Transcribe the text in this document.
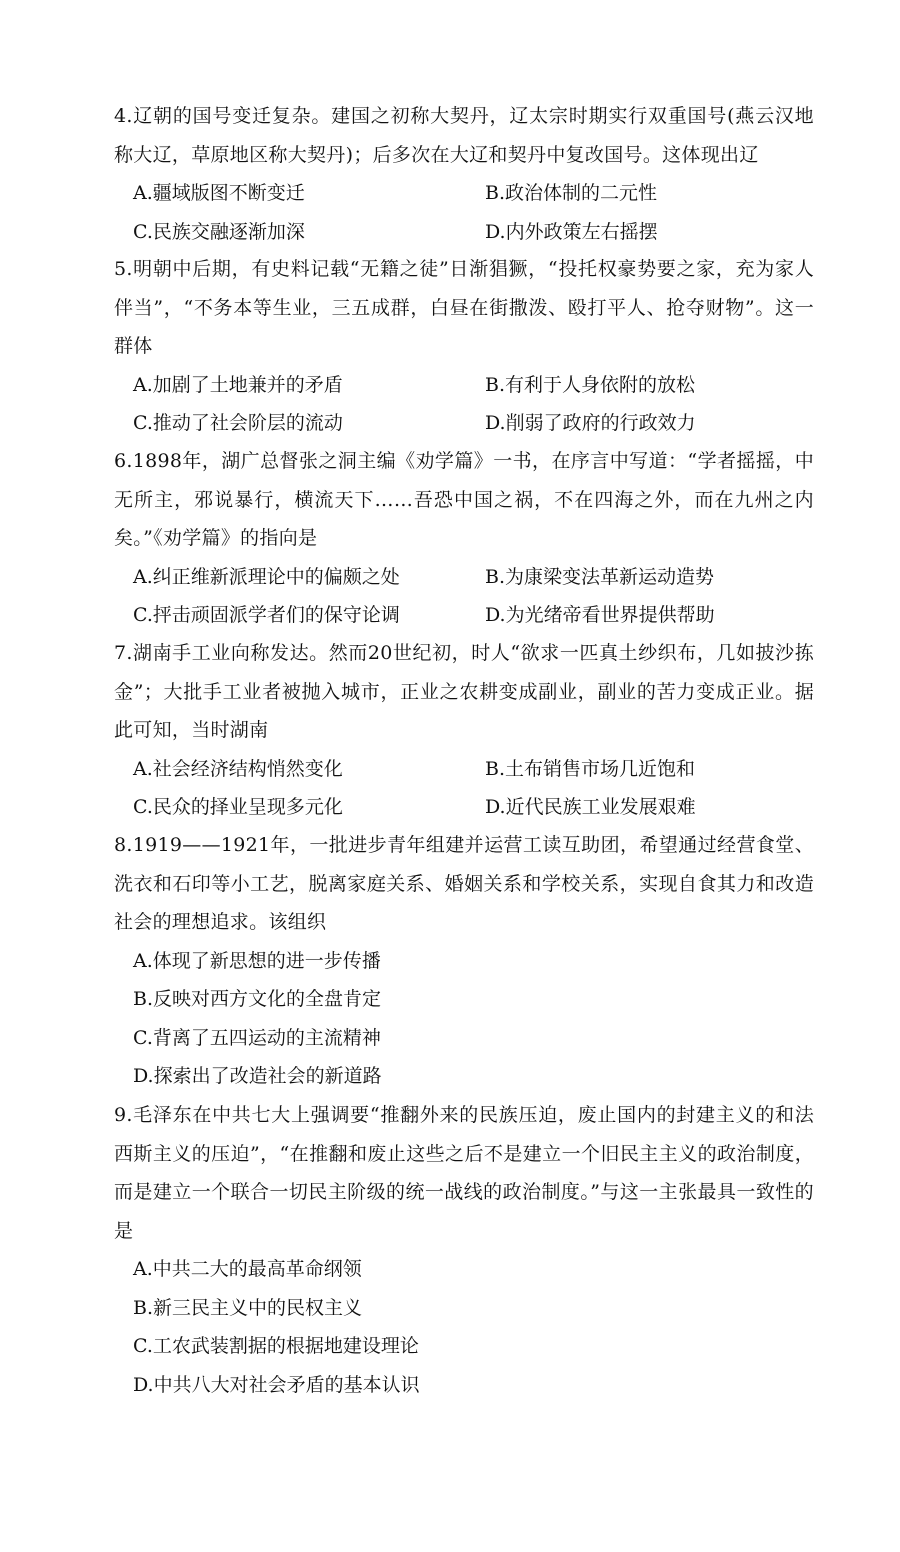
4.辽朝的国号变迁复杂。建国之初称大契丹，辽太宗时期实行双重国号(燕云汉地称大辽，草原地区称大契丹)；后多次在大辽和契丹中复改国号。这体现出辽

A.疆域版图不断变迁	B.政治体制的二元性
C.民族交融逐渐加深	D.内外政策左右摇摆

5.明朝中后期，有史料记载“无籍之徒”日渐猖獗，“投托权豪势要之家，充为家人伴当”，“不务本等生业，三五成群，白昼在街撒泼、殴打平人、抢夺财物”。这一群体

A.加剧了土地兼并的矛盾	B.有利于人身依附的放松
C.推动了社会阶层的流动	D.削弱了政府的行政效力

6.1898年，湖广总督张之洞主编《劝学篇》一书，在序言中写道：“学者摇摇，中无所主，邪说暴行，横流天下……吾恐中国之祸，不在四海之外，而在九州之内矣。”《劝学篇》的指向是

A.纠正维新派理论中的偏颇之处	B.为康梁变法革新运动造势
C.抨击顽固派学者们的保守论调	D.为光绪帝看世界提供帮助

7.湖南手工业向称发达。然而20世纪初，时人“欲求一匹真土纱织布，几如披沙拣金”；大批手工业者被抛入城市，正业之农耕变成副业，副业的苦力变成正业。据此可知，当时湖南

A.社会经济结构悄然变化	B.土布销售市场几近饱和
C.民众的择业呈现多元化	D.近代民族工业发展艰难

8.1919——1921年，一批进步青年组建并运营工读互助团，希望通过经营食堂、洗衣和石印等小工艺，脱离家庭关系、婚姻关系和学校关系，实现自食其力和改造社会的理想追求。该组织

A.体现了新思想的进一步传播
B.反映对西方文化的全盘肯定
C.背离了五四运动的主流精神
D.探索出了改造社会的新道路

9.毛泽东在中共七大上强调要“推翻外来的民族压迫，废止国内的封建主义的和法西斯主义的压迫”，“在推翻和废止这些之后不是建立一个旧民主主义的政治制度，而是建立一个联合一切民主阶级的统一战线的政治制度。”与这一主张最具一致性的是

A.中共二大的最高革命纲领
B.新三民主义中的民权主义
C.工农武装割据的根据地建设理论
D.中共八大对社会矛盾的基本认识
